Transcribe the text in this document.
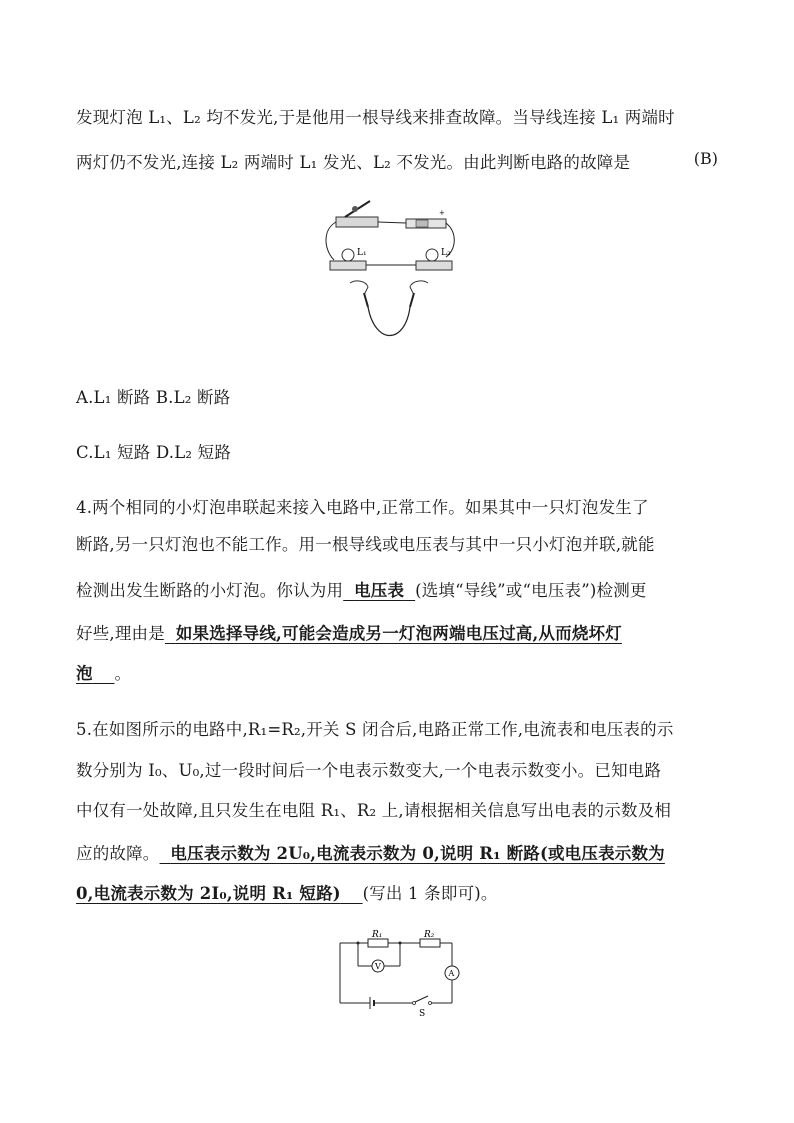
发现灯泡 L₁、L₂ 均不发光,于是他用一根导线来排查故障。当导线连接 L₁ 两端时
两灯仍不发光,连接 L₂ 两端时 L₁ 发光、L₂ 不发光。由此判断电路的故障是	(B)
+
L₁	L₂
A.L₁ 断路 B.L₂ 断路
C.L₁ 短路 D.L₂ 短路
4.两个相同的小灯泡串联起来接入电路中,正常工作。如果其中一只灯泡发生了
断路,另一只灯泡也不能工作。用一根导线或电压表与其中一只小灯泡并联,就能
检测出发生断路的小灯泡。你认为用 电压表 (选填“导线”或“电压表”)检测更
好些,理由是 如果选择导线,可能会造成另一灯泡两端电压过高,从而烧坏灯
泡 。
5.在如图所示的电路中,R₁=R₂,开关 S 闭合后,电路正常工作,电流表和电压表的示
数分别为 I₀、U₀,过一段时间后一个电表示数变大,一个电表示数变小。已知电路
中仅有一处故障,且只发生在电阻 R₁、R₂ 上,请根据相关信息写出电表的示数及相
应的故障。 电压表示数为 2U₀,电流表示数为 0,说明 R₁ 断路(或电压表示数为
0,电流表示数为 2I₀,说明 R₁ 短路) (写出 1 条即可)。
R₁	R₂
V
A
S
